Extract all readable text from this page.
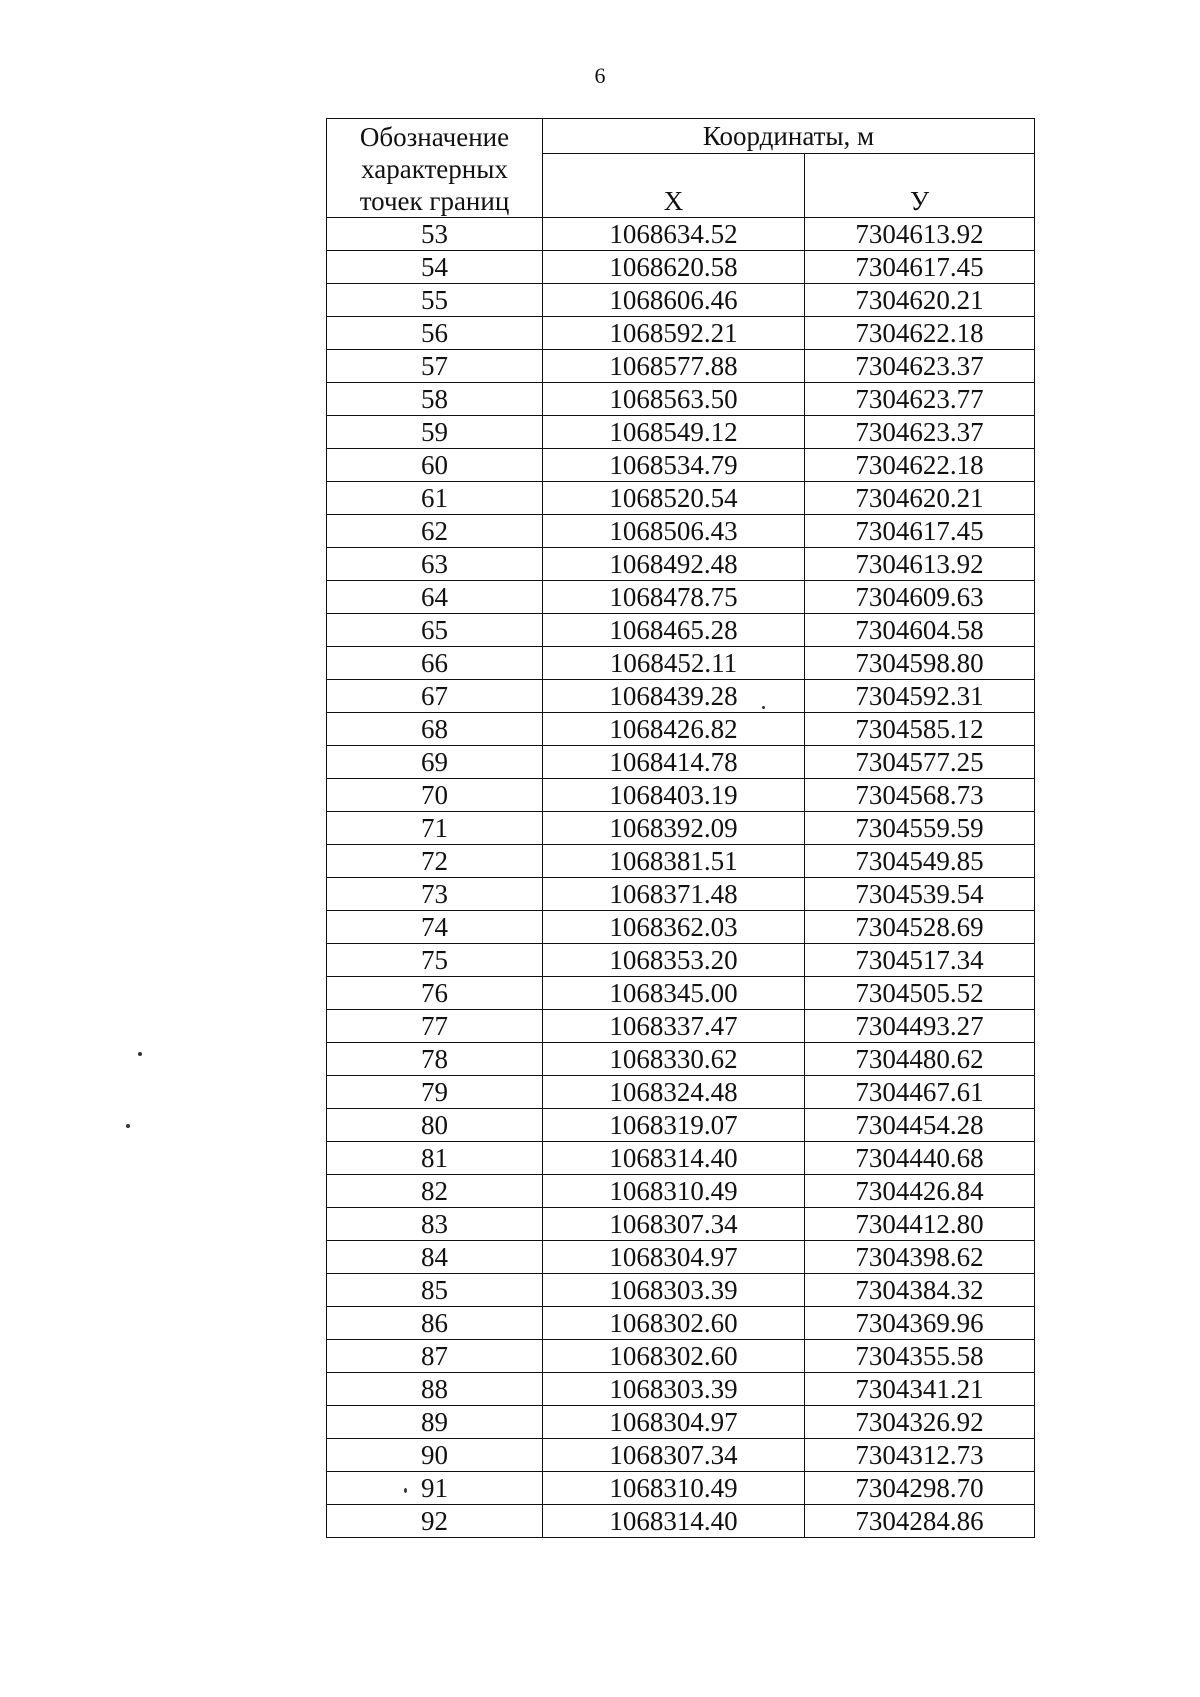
6
Обозначение характерных точек границ	Координаты, м	
	X	У
53	1068634.52	7304613.92
54	1068620.58	7304617.45
55	1068606.46	7304620.21
56	1068592.21	7304622.18
57	1068577.88	7304623.37
58	1068563.50	7304623.77
59	1068549.12	7304623.37
60	1068534.79	7304622.18
61	1068520.54	7304620.21
62	1068506.43	7304617.45
63	1068492.48	7304613.92
64	1068478.75	7304609.63
65	1068465.28	7304604.58
66	1068452.11	7304598.80
67	1068439.28	7304592.31
68	1068426.82	7304585.12
69	1068414.78	7304577.25
70	1068403.19	7304568.73
71	1068392.09	7304559.59
72	1068381.51	7304549.85
73	1068371.48	7304539.54
74	1068362.03	7304528.69
75	1068353.20	7304517.34
76	1068345.00	7304505.52
77	1068337.47	7304493.27
78	1068330.62	7304480.62
79	1068324.48	7304467.61
80	1068319.07	7304454.28
81	1068314.40	7304440.68
82	1068310.49	7304426.84
83	1068307.34	7304412.80
84	1068304.97	7304398.62
85	1068303.39	7304384.32
86	1068302.60	7304369.96
87	1068302.60	7304355.58
88	1068303.39	7304341.21
89	1068304.97	7304326.92
90	1068307.34	7304312.73
91	1068310.49	7304298.70
92	1068314.40	7304284.86
